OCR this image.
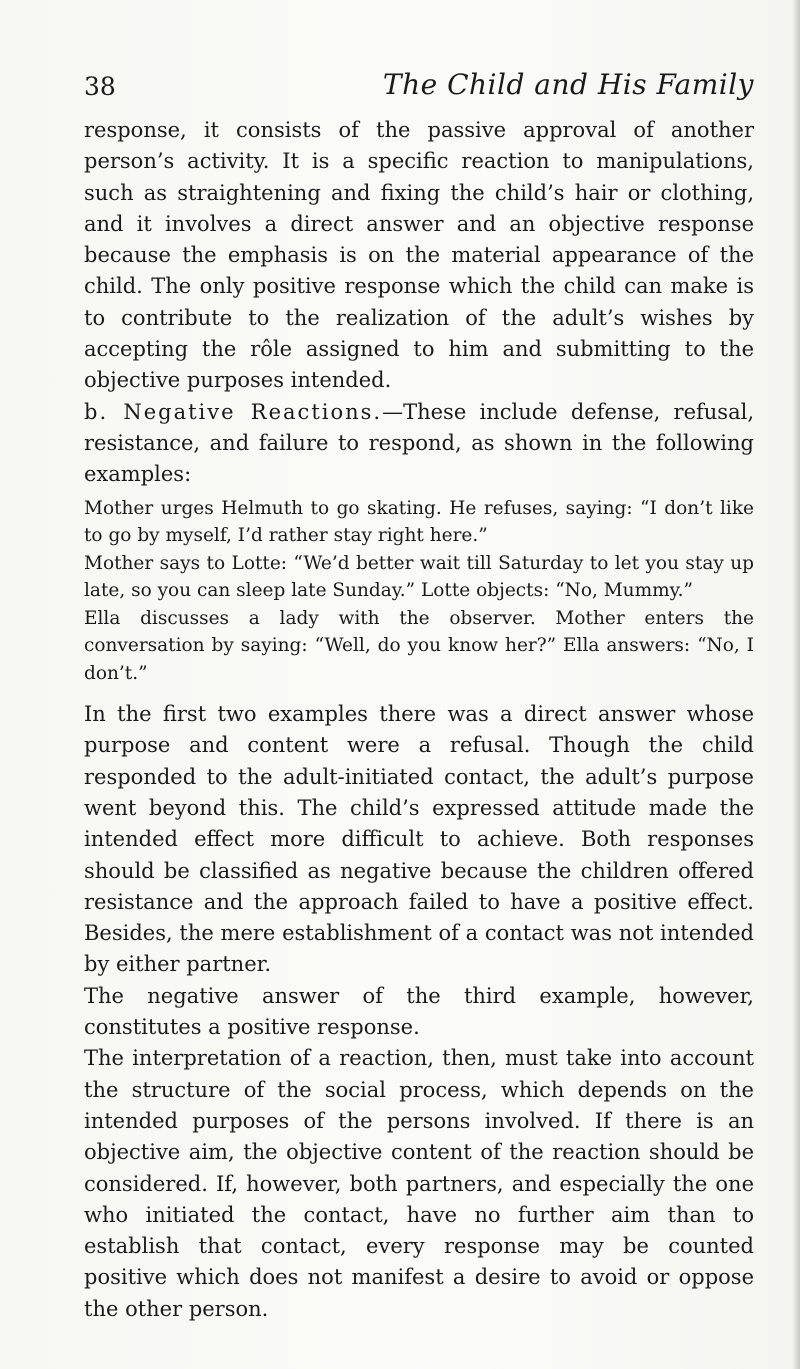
38	The Child and His Family

response, it consists of the passive approval of another person’s activity. It is a specific reaction to manipulations, such as straightening and fixing the child’s hair or clothing, and it involves a direct answer and an objective response because the emphasis is on the material appearance of the child. The only positive response which the child can make is to contribute to the realization of the adult’s wishes by accepting the rôle assigned to him and submitting to the objective purposes intended.

b. Negative Reactions.—These include defense, refusal, resistance, and failure to respond, as shown in the following examples:

Mother urges Helmuth to go skating. He refuses, saying: “I don’t like to go by myself, I’d rather stay right here.”

Mother says to Lotte: “We’d better wait till Saturday to let you stay up late, so you can sleep late Sunday.” Lotte objects: “No, Mummy.”

Ella discusses a lady with the observer. Mother enters the conversation by saying: “Well, do you know her?” Ella answers: “No, I don’t.”

In the first two examples there was a direct answer whose purpose and content were a refusal. Though the child responded to the adult-initiated contact, the adult’s purpose went beyond this. The child’s expressed attitude made the intended effect more difficult to achieve. Both responses should be classified as negative because the children offered resistance and the approach failed to have a positive effect. Besides, the mere establishment of a contact was not intended by either partner.

The negative answer of the third example, however, constitutes a positive response.

The interpretation of a reaction, then, must take into account the structure of the social process, which depends on the intended purposes of the persons involved. If there is an objective aim, the objective content of the reaction should be considered. If, however, both partners, and especially the one who initiated the contact, have no further aim than to establish that contact, every response may be counted positive which does not manifest a desire to avoid or oppose the other person.
